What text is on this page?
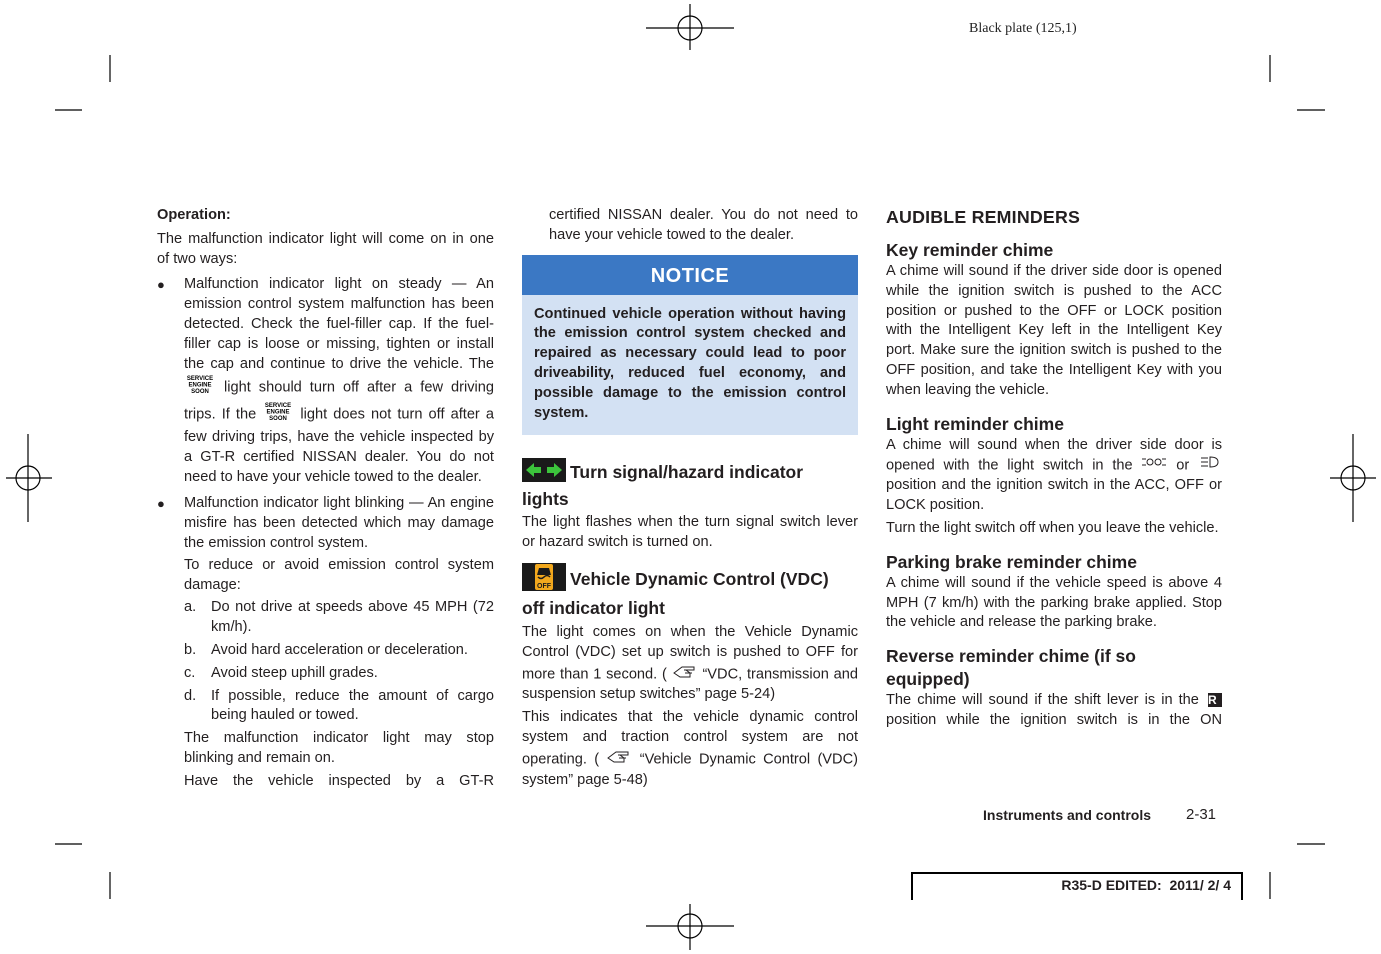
Black plate (125,1)
Operation:

The malfunction indicator light will come on in one of two ways:

● Malfunction indicator light on steady — An emission control system malfunction has been detected. Check the fuel-filler cap. If the fuel-filler cap is loose or missing, tighten or install the cap and continue to drive the vehicle. The
SERVICE
ENGINE
SOON light should turn off after a few driving trips. If the
SERVICE
ENGINE
SOON light does not turn off after a few driving trips, have the vehicle inspected by a GT-R certified NISSAN dealer. You do not need to have your vehicle towed to the dealer.
● Malfunction indicator light blinking — An engine misfire has been detected which may damage the emission control system.

To reduce or avoid emission control system damage:

a. Do not drive at speeds above 45 MPH (72 km/h).
b. Avoid hard acceleration or deceleration.
c. Avoid steep uphill grades.
d. If possible, reduce the amount of cargo being hauled or towed.

The malfunction indicator light may stop blinking and remain on.

Have the vehicle inspected by a GT-R

certified NISSAN dealer. You do not need to have your vehicle towed to the dealer.

NOTICE
Continued vehicle operation without having the emission control system checked and repaired as necessary could lead to poor driveability, reduced fuel economy, and possible damage to the emission control system.
Turn signal/hazard indicator
lights

The light flashes when the turn signal switch lever or hazard switch is turned on.

OFF Vehicle Dynamic Control (VDC)
off indicator light

The light comes on when the Vehicle Dynamic Control (VDC) set up switch is pushed to OFF for more than 1 second. ( “VDC, transmission and suspension setup switches” page 5-24)

This indicates that the vehicle dynamic control system and traction control system are not operating. (	“Vehicle Dynamic Control (VDC) system” page 5-48)

AUDIBLE REMINDERS
Key reminder chime

A chime will sound if the driver side door is opened while the ignition switch is pushed to the ACC position or pushed to the OFF or LOCK position with the Intelligent Key left in the Intelligent Key port. Make sure the ignition switch is pushed to the OFF position, and take the Intelligent Key with you when leaving the vehicle.

Light reminder chime

A chime will sound when the driver side door is opened with the light switch in the	or  position and the ignition switch in the ACC, OFF or LOCK position.

Turn the light switch off when you leave the vehicle.

Parking brake reminder chime

A chime will sound if the vehicle speed is above 4 MPH (7 km/h) with the parking brake applied. Stop the vehicle and release the parking brake.

Reverse reminder chime (if so
equipped)

The chime will sound if the shift lever is in the R position while the ignition switch is in the ON

Instruments and controls 2-31
R35-D EDITED:  2011/ 2/ 4
